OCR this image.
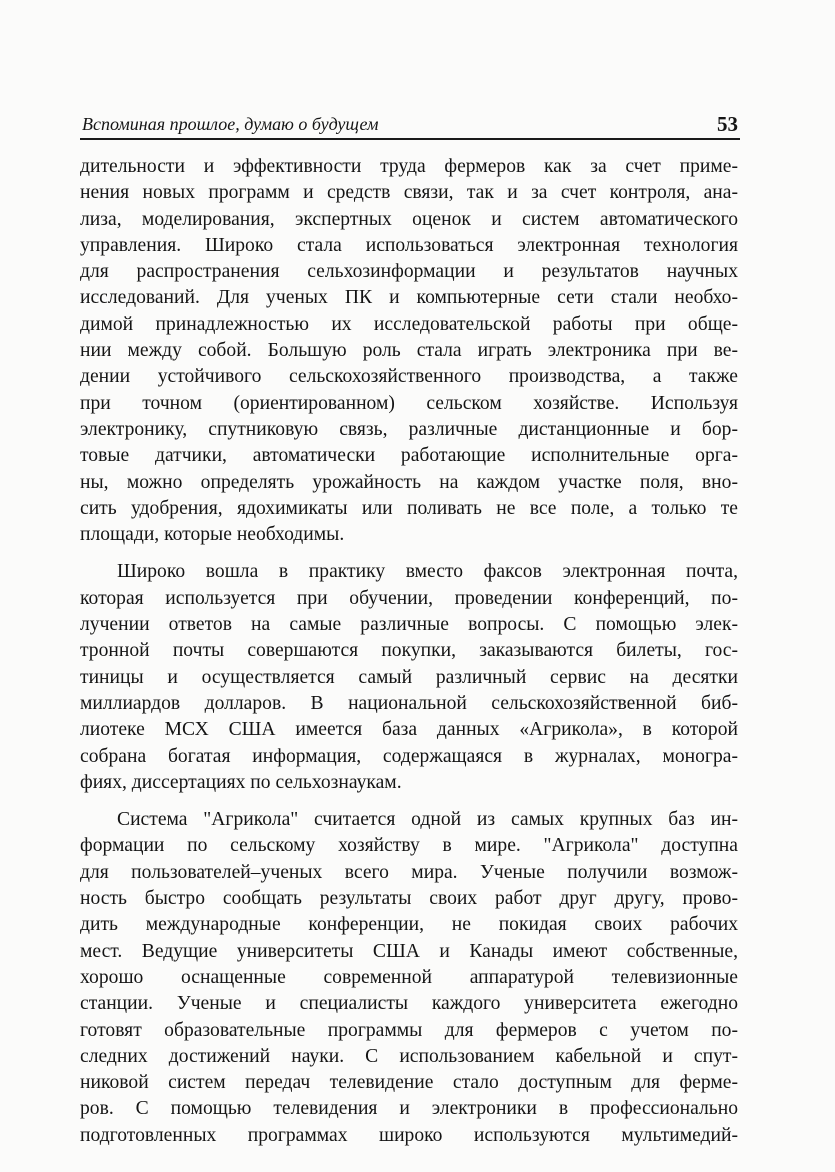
Вспоминая прошлое, думаю о будущем	53

дительности и эффективности труда фермеров как за счет приме-
нения новых программ и средств связи, так и за счет контроля, ана-
лиза, моделирования, экспертных оценок и систем автоматического
управления. Широко стала использоваться электронная технология
для распространения сельхозинформации и результатов научных
исследований. Для ученых ПК и компьютерные сети стали необхо-
димой принадлежностью их исследовательской работы при обще-
нии между собой. Большую роль стала играть электроника при ве-
дении устойчивого сельскохозяйственного производства, а также
при точном (ориентированном) сельском хозяйстве. Используя
электронику, спутниковую связь, различные дистанционные и бор-
товые датчики, автоматически работающие исполнительные орга-
ны, можно определять урожайность на каждом участке поля, вно-
сить удобрения, ядохимикаты или поливать не все поле, а только те
площади, которые необходимы.

Широко вошла в практику вместо факсов электронная почта,
которая используется при обучении, проведении конференций, по-
лучении ответов на самые различные вопросы. С помощью элек-
тронной почты совершаются покупки, заказываются билеты, гос-
тиницы и осуществляется самый различный сервис на десятки
миллиардов долларов. В национальной сельскохозяйственной биб-
лиотеке МСХ США имеется база данных «Агрикола», в которой
собрана богатая информация, содержащаяся в журналах, моногра-
фиях, диссертациях по сельхознаукам.

Система "Агрикола" считается одной из самых крупных баз ин-
формации по сельскому хозяйству в мире. "Агрикола" доступна
для пользователей–ученых всего мира. Ученые получили возмож-
ность быстро сообщать результаты своих работ друг другу, прово-
дить международные конференции, не покидая своих рабочих
мест. Ведущие университеты США и Канады имеют собственные,
хорошо оснащенные современной аппаратурой телевизионные
станции. Ученые и специалисты каждого университета ежегодно
готовят образовательные программы для фермеров с учетом по-
следних достижений науки. С использованием кабельной и спут-
никовой систем передач телевидение стало доступным для ферме-
ров. С помощью телевидения и электроники в профессионально
подготовленных программах широко используются мультимедий-
